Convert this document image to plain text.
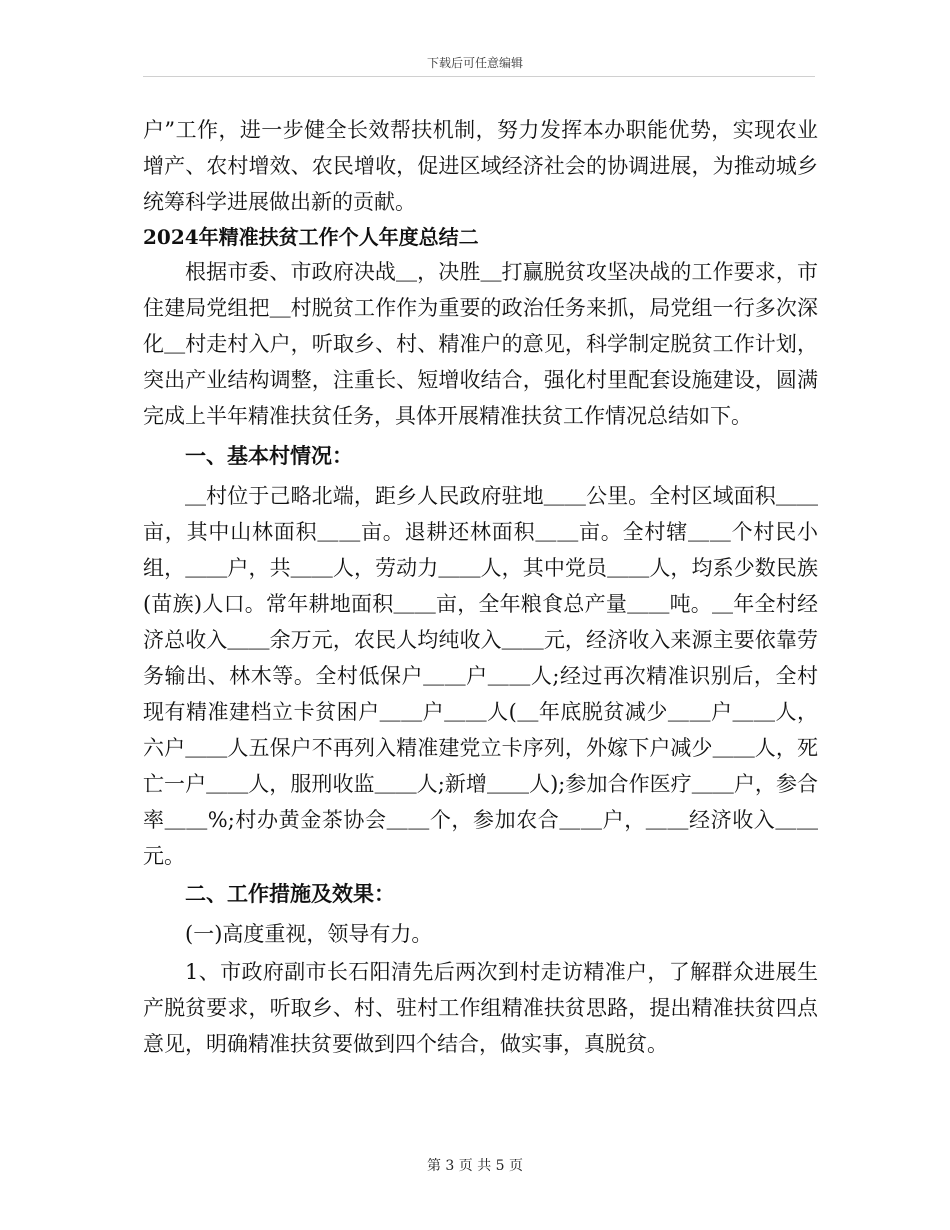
下载后可任意编辑

户”工作，进一步健全长效帮扶机制，努力发挥本办职能优势，实现农业增产、农村增效、农民增收，促进区域经济社会的协调进展，为推动城乡统筹科学进展做出新的贡献。

2024年精准扶贫工作个人年度总结二

根据市委、市政府决战＿，决胜＿打赢脱贫攻坚决战的工作要求，市住建局党组把＿村脱贫工作作为重要的政治任务来抓，局党组一行多次深化＿村走村入户，听取乡、村、精准户的意见，科学制定脱贫工作计划，突出产业结构调整，注重长、短增收结合，强化村里配套设施建设，圆满完成上半年精准扶贫任务，具体开展精准扶贫工作情况总结如下。

一、基本村情况：

＿村位于己略北端，距乡人民政府驻地＿＿公里。全村区域面积＿＿亩，其中山林面积＿＿亩。退耕还林面积＿＿亩。全村辖＿＿个村民小组，＿＿户，共＿＿人，劳动力＿＿人，其中党员＿＿人，均系少数民族(苗族)人口。常年耕地面积＿＿亩，全年粮食总产量＿＿吨。＿年全村经济总收入＿＿余万元，农民人均纯收入＿＿元，经济收入来源主要依靠劳务输出、林木等。全村低保户＿＿户＿＿人;经过再次精准识别后，全村现有精准建档立卡贫困户＿＿户＿＿人(＿年底脱贫减少＿＿户＿＿人，六户＿＿人五保户不再列入精准建党立卡序列，外嫁下户减少＿＿人，死亡一户＿＿人，服刑收监＿＿人;新增＿＿人);参加合作医疗＿＿户，参合率＿＿%;村办黄金茶协会＿＿个，参加农合＿＿户，＿＿经济收入＿＿元。

二、工作措施及效果：

(一)高度重视，领导有力。

1、市政府副市长石阳清先后两次到村走访精准户，了解群众进展生产脱贫要求，听取乡、村、驻村工作组精准扶贫思路，提出精准扶贫四点意见，明确精准扶贫要做到四个结合，做实事，真脱贫。

第 3 页 共 5 页
